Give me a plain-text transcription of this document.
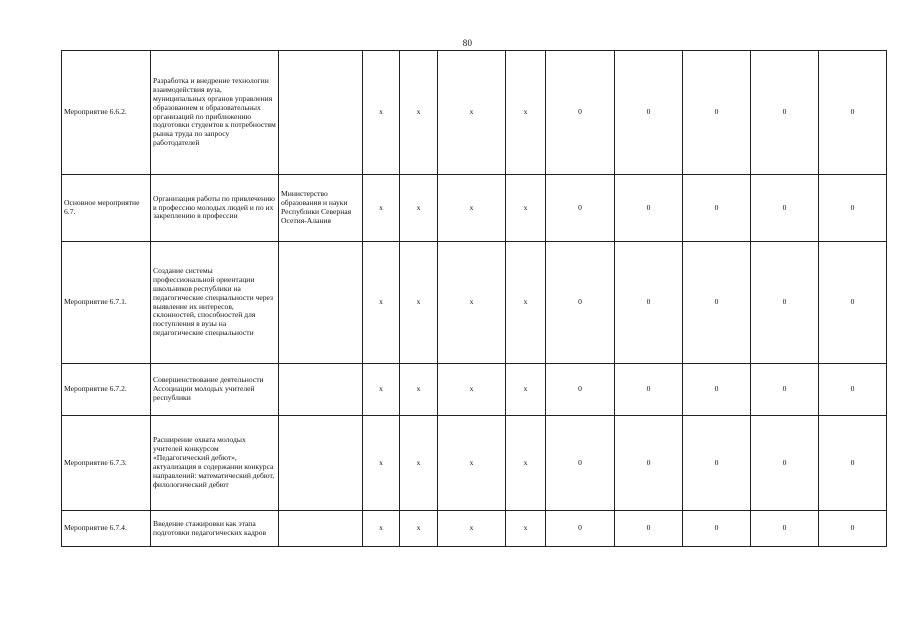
80
Мероприятие 6.6.2.	Разработка и внедрение технологии взаимодействия вуза, муниципальных органов управления образованием и образовательных организаций по приближению подготовки студентов к потребностям рынка труда по запросу работодателей		х	х	х	х	0	0	0	0	0
Основное мероприятие 6.7.	Организация работы по привлечению в профессию молодых людей и по их закреплению в профессии	Министерство образования и науки Республики Северная Осетия-Алания	х	х	х	х	0	0	0	0	0
Мероприятие 6.7.1.	Создание системы профессиональной ориентации школьников республики на педагогические специальности через выявление их интересов, склонностей, способностей для поступления в вузы на педагогические специальности		х	х	х	х	0	0	0	0	0
Мероприятие 6.7.2.	Совершенствование деятельности Ассоциации молодых учителей республики		х	х	х	х	0	0	0	0	0
Мероприятие 6.7.3.	Расширение охвата молодых учителей конкурсом «Педагогический дебют», актуализация в содержании конкурса направлений: математический дебют, филологический дебют		х	х	х	х	0	0	0	0	0
Мероприятие 6.7.4.	Введение стажировки как этапа подготовки педагогических кадров		х	х	х	х	0	0	0	0	0
